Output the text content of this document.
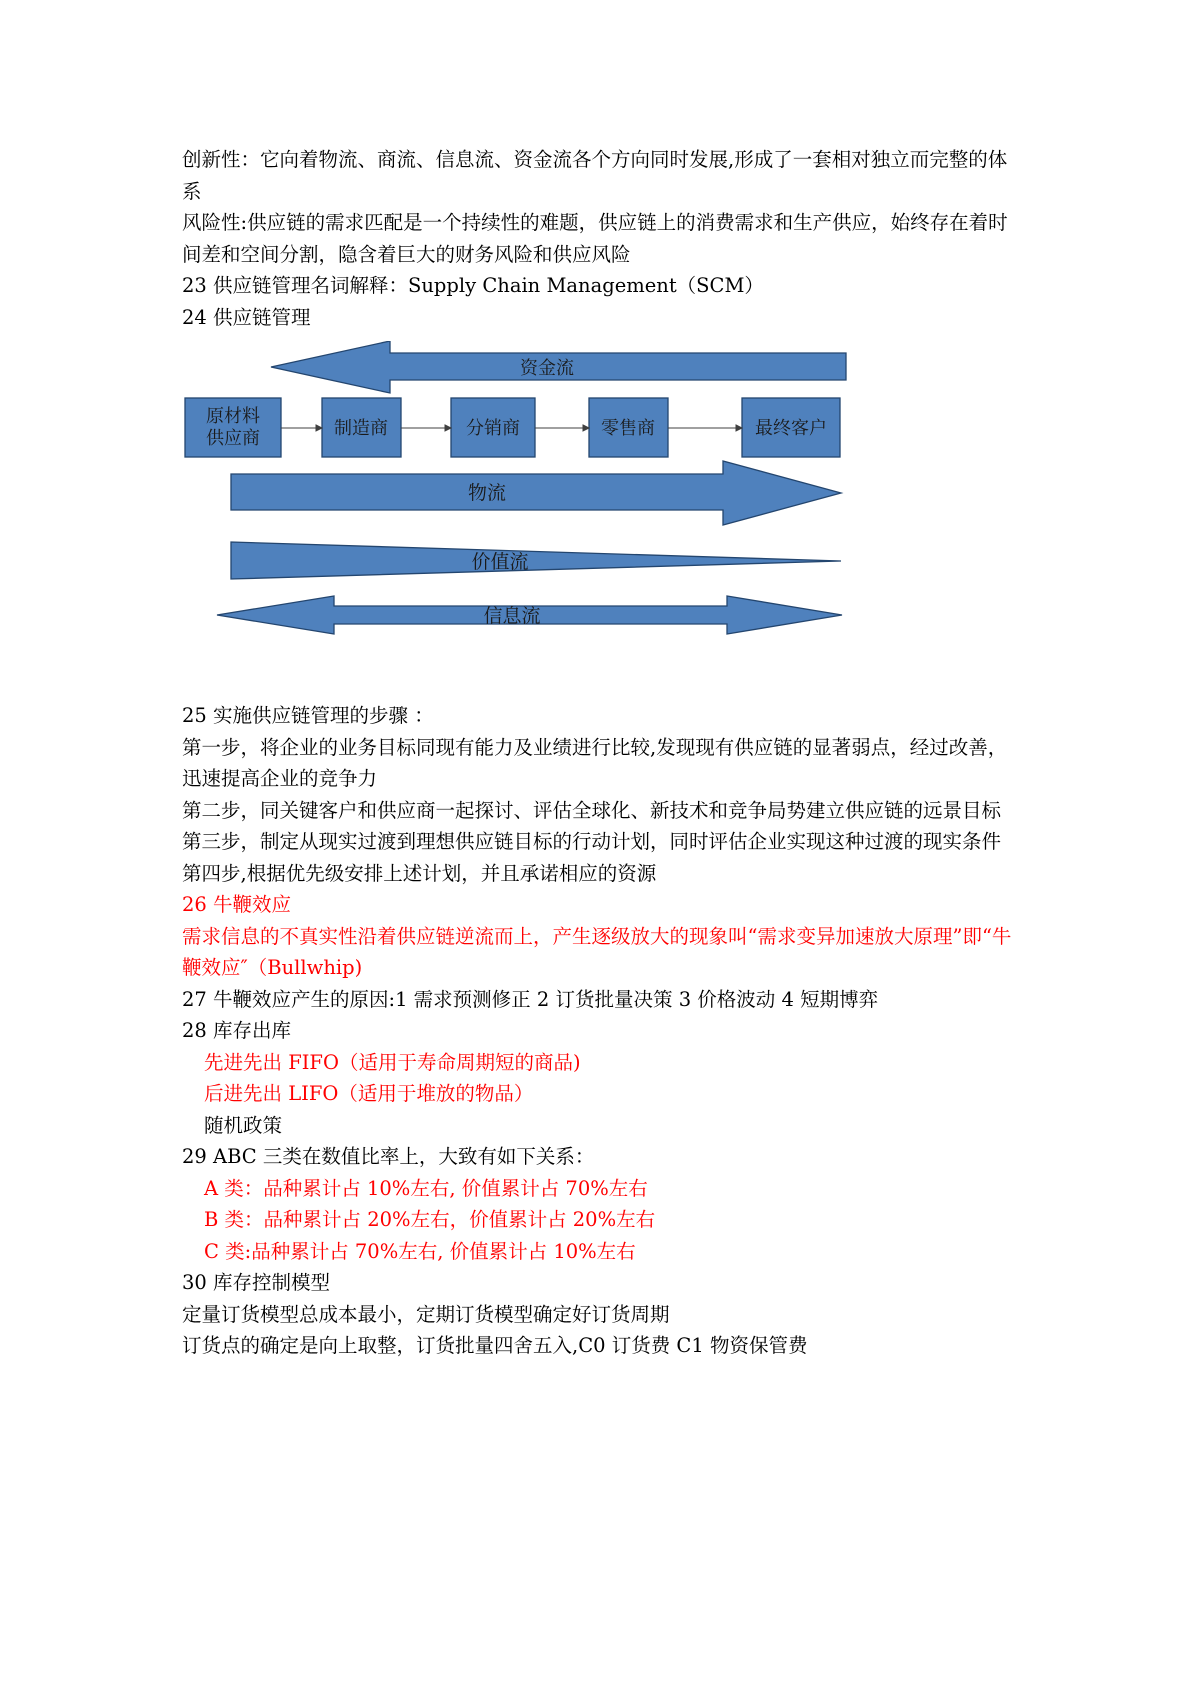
创新性：它向着物流、商流、信息流、资金流各个方向同时发展,形成了一套相对独立而完整的体系

风险性:供应链的需求匹配是一个持续性的难题，供应链上的消费需求和生产供应，始终存在着时间差和空间分割，隐含着巨大的财务风险和供应风险

23 供应链管理名词解释：Supply Chain Management（SCM）

24 供应链管理

资金流
原材料
供应商	制造商	分销商	零售商	最终客户
物流
价值流
信息流

25 实施供应链管理的步骤 ：

第一步，将企业的业务目标同现有能力及业绩进行比较,发现现有供应链的显著弱点，经过改善，迅速提高企业的竞争力

第二步，同关键客户和供应商一起探讨、评估全球化、新技术和竞争局势建立供应链的远景目标

第三步，制定从现实过渡到理想供应链目标的行动计划，同时评估企业实现这种过渡的现实条件

第四步,根据优先级安排上述计划，并且承诺相应的资源

26 牛鞭效应

需求信息的不真实性沿着供应链逆流而上，产生逐级放大的现象叫“需求变异加速放大原理”即“牛鞭效应″（Bullwhip)

27 牛鞭效应产生的原因:1 需求预测修正 2 订货批量决策 3 价格波动 4 短期博弈

28 库存出库

先进先出 FIFO（适用于寿命周期短的商品)

后进先出 LIFO（适用于堆放的物品）

随机政策

29 ABC 三类在数值比率上，大致有如下关系：

A 类：品种累计占 10%左右, 价值累计占 70%左右

B 类：品种累计占 20%左右，价值累计占 20%左右

C 类:品种累计占 70%左右, 价值累计占 10%左右

30 库存控制模型

定量订货模型总成本最小，定期订货模型确定好订货周期

订货点的确定是向上取整，订货批量四舍五入,C0 订货费 C1 物资保管费
